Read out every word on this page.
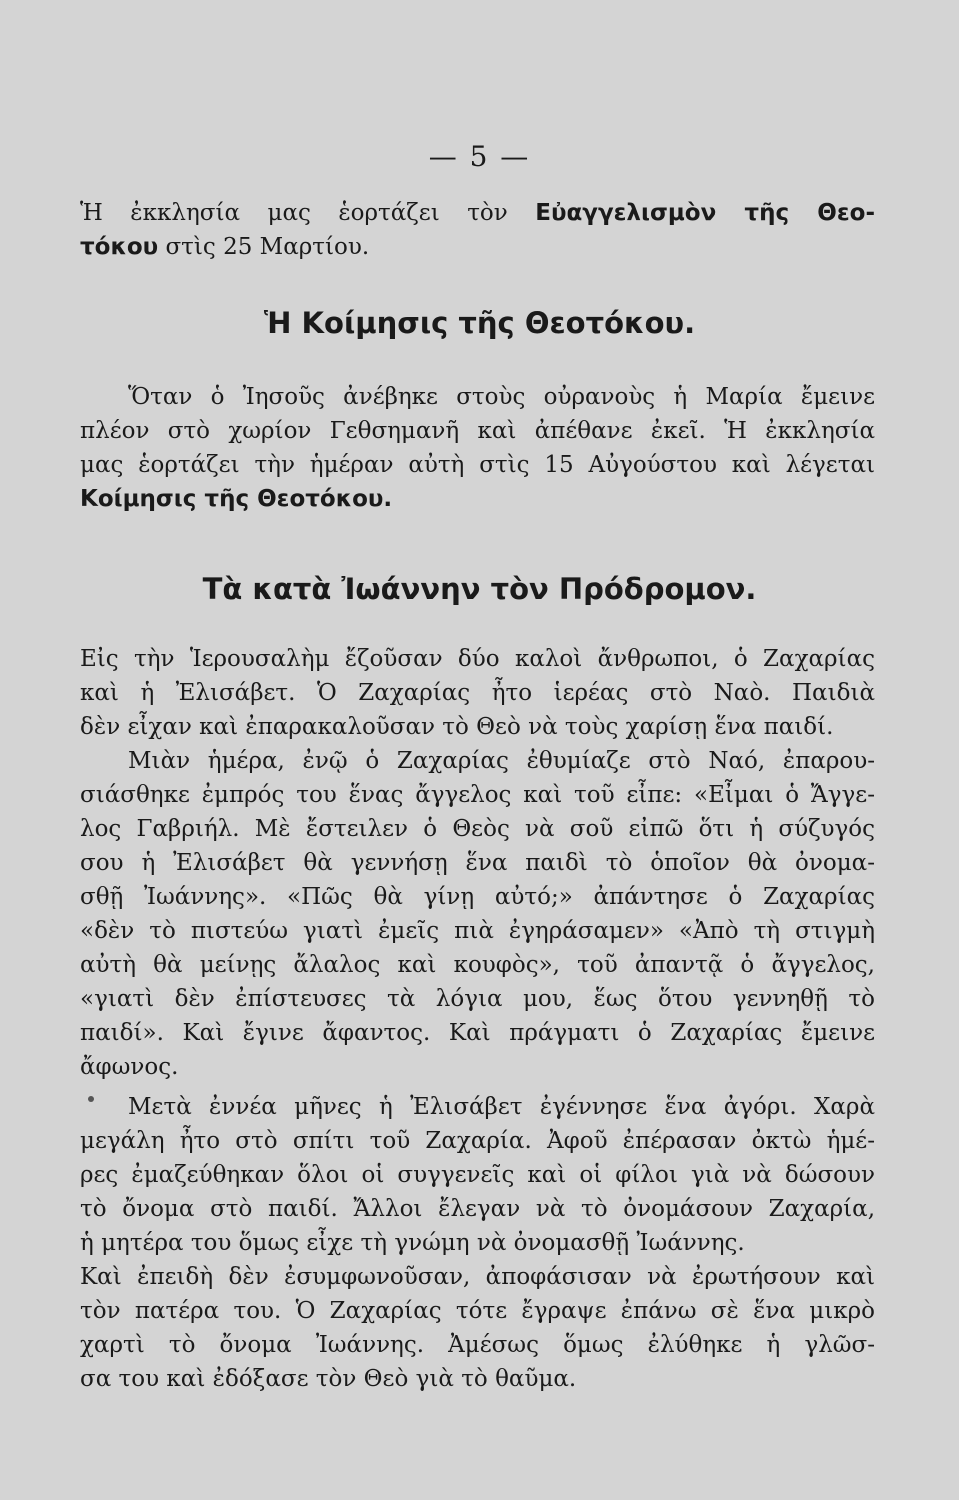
— 5 —
Ἡ ἐκκλησία μας ἑορτάζει τὸν Εὐαγγελισμὸν τῆς Θεο-
τόκου στὶς 25 Μαρτίου.
Ἡ Κοίμησις τῆς Θεοτόκου.
Ὅταν ὁ Ἰησοῦς ἀνέβηκε στοὺς οὐρανοὺς ἡ Μαρία ἔμεινε
πλέον στὸ χωρίον Γεθσημανῆ καὶ ἀπέθανε ἐκεῖ. Ἡ ἐκκλησία
μας ἑορτάζει τὴν ἡμέραν αὐτὴ στὶς 15 Αὐγούστου καὶ λέγεται
Κοίμησις τῆς Θεοτόκου.
Τὰ κατὰ Ἰωάννην τὸν Πρόδρομον.
Εἰς τὴν Ἱερουσαλὴμ ἔζοῦσαν δύο καλοὶ ἄνθρωποι, ὁ Ζαχαρίας
καὶ ἡ Ἐλισάβετ. Ὁ Ζαχαρίας ἦτο ἱερέας στὸ Ναὸ. Παιδιὰ
δὲν εἶχαν καὶ ἐπαρακαλοῦσαν τὸ Θεὸ νὰ τοὺς χαρίσῃ ἕνα παιδί.
Μιὰν ἡμέρα, ἐνῷ ὁ Ζαχαρίας ἐθυμίαζε στὸ Ναό, ἐπαρου-
σιάσθηκε ἐμπρός του ἕνας ἄγγελος καὶ τοῦ εἶπε: «Εἶμαι ὁ Ἄγγε-
λος Γαβριήλ. Μὲ ἔστειλεν ὁ Θεὸς νὰ σοῦ εἰπῶ ὅτι ἡ σύζυγός
σου ἡ Ἐλισάβετ θὰ γεννήσῃ ἕνα παιδὶ τὸ ὁποῖον θὰ ὀνομα-
σθῇ Ἰωάννης». «Πῶς θὰ γίνῃ αὐτό;» ἀπάντησε ὁ Ζαχαρίας
«δὲν τὸ πιστεύω γιατὶ ἐμεῖς πιὰ ἐγηράσαμεν» «Ἀπὸ τὴ στιγμὴ
αὐτὴ θὰ μείνῃς ἄλαλος καὶ κουφὸς», τοῦ ἀπαντᾷ ὁ ἄγγελος,
«γιατὶ δὲν ἐπίστευσες τὰ λόγια μου, ἕως ὅτου γεννηθῇ τὸ
παιδί». Καὶ ἔγινε ἄφαντος. Καὶ πράγματι ὁ Ζαχαρίας ἔμεινε
ἄφωνος.
Μετὰ ἐννέα μῆνες ἡ Ἐλισάβετ ἐγέννησε ἕνα ἀγόρι. Χαρὰ
μεγάλη ἦτο στὸ σπίτι τοῦ Ζαχαρία. Ἀφοῦ ἐπέρασαν ὀκτὼ ἡμέ-
ρες ἐμαζεύθηκαν ὅλοι οἱ συγγενεῖς καὶ οἱ φίλοι γιὰ νὰ δώσουν
τὸ ὄνομα στὸ παιδί. Ἄλλοι ἔλεγαν νὰ τὸ ὀνομάσουν Ζαχαρία,
ἡ μητέρα του ὅμως εἶχε τὴ γνώμη νὰ ὀνομασθῇ Ἰωάννης.
Καὶ ἐπειδὴ δὲν ἐσυμφωνοῦσαν, ἀποφάσισαν νὰ ἐρωτήσουν καὶ
τὸν πατέρα του. Ὁ Ζαχαρίας τότε ἔγραψε ἐπάνω σὲ ἕνα μικρὸ
χαρτὶ τὸ ὄνομα Ἰωάννης. Ἀμέσως ὅμως ἐλύθηκε ἡ γλῶσ-
σα του καὶ ἐδόξασε τὸν Θεὸ γιὰ τὸ θαῦμα.
